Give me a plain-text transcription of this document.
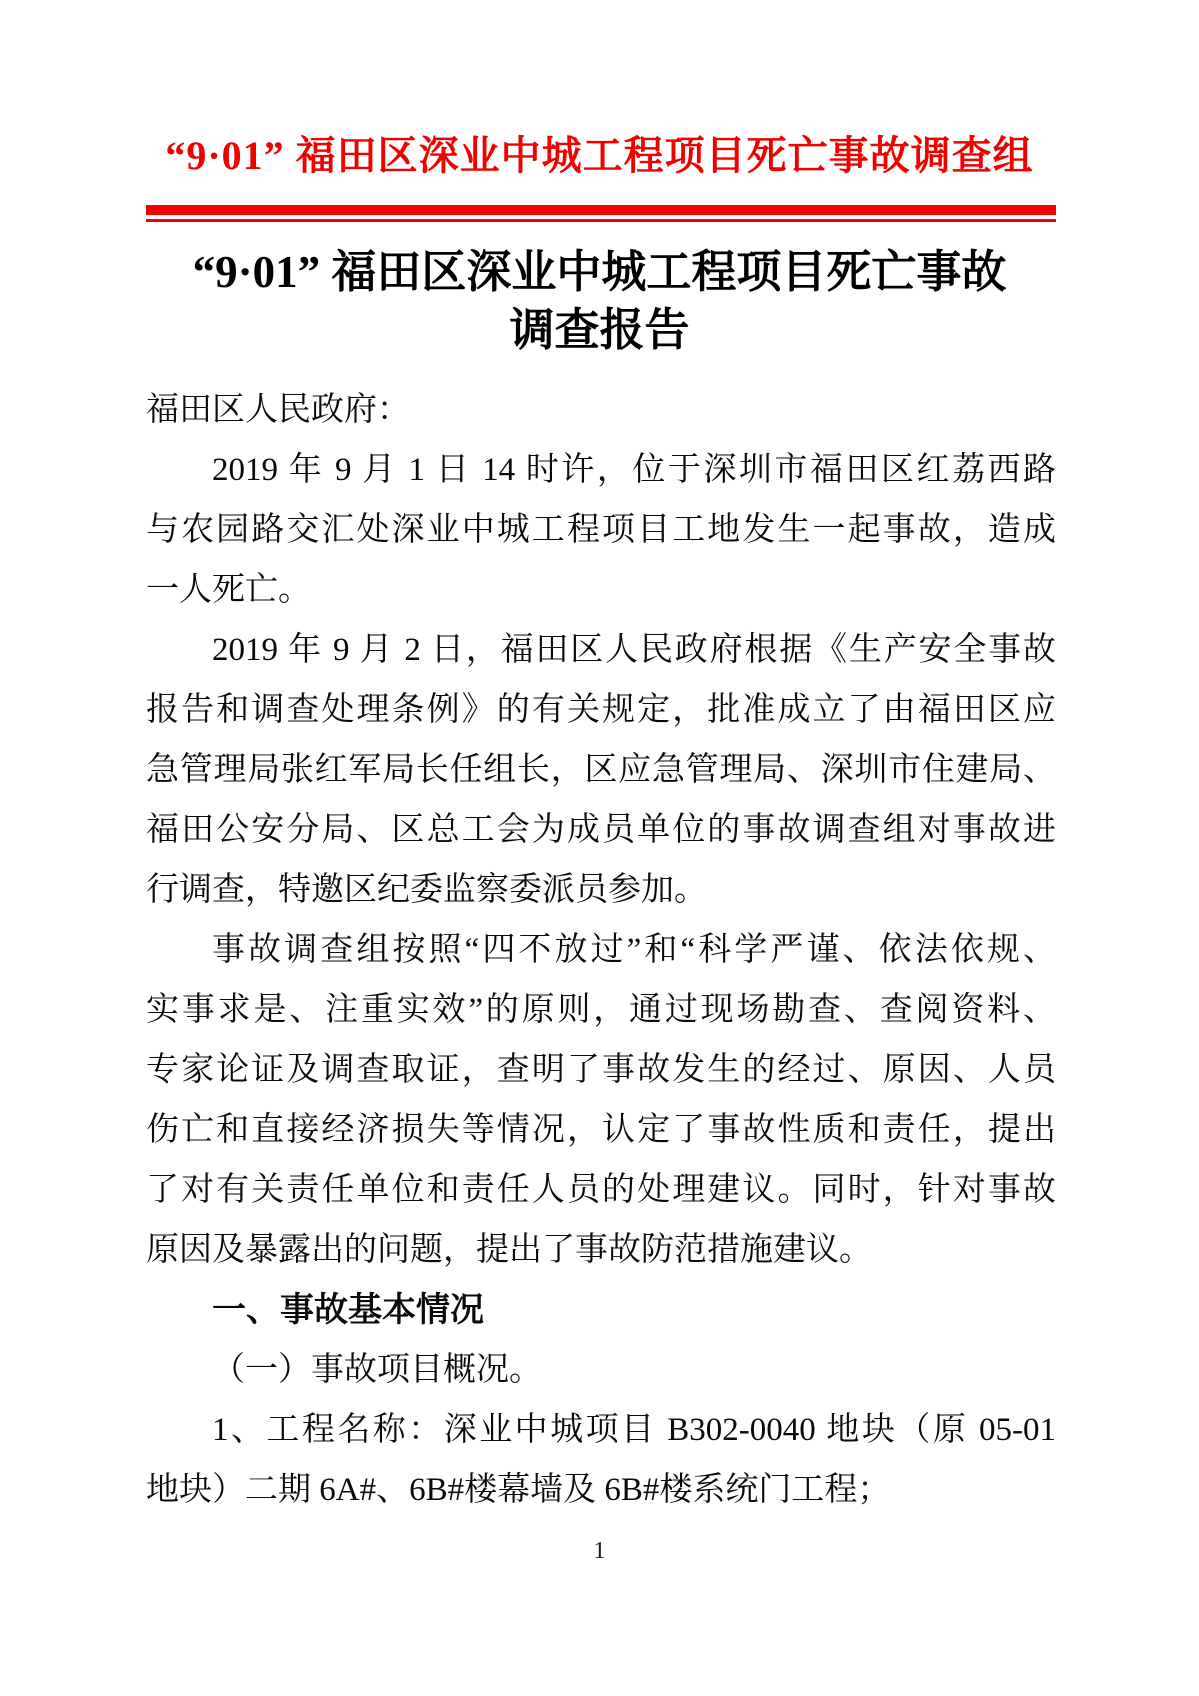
“9·01” 福田区深业中城工程项目死亡事故调查组
“9·01” 福田区深业中城工程项目死亡事故
调查报告
福田区人民政府：
2019 年 9 月 1 日 14 时许，位于深圳市福田区红荔西路
与农园路交汇处深业中城工程项目工地发生一起事故，造成
一人死亡。
2019 年 9 月 2 日，福田区人民政府根据《生产安全事故
报告和调查处理条例》的有关规定，批准成立了由福田区应
急管理局张红军局长任组长，区应急管理局、深圳市住建局、
福田公安分局、区总工会为成员单位的事故调查组对事故进
行调查，特邀区纪委监察委派员参加。
事故调查组按照“四不放过”和“科学严谨、依法依规、
实事求是、注重实效”的原则，通过现场勘查、查阅资料、
专家论证及调查取证，查明了事故发生的经过、原因、人员
伤亡和直接经济损失等情况，认定了事故性质和责任，提出
了对有关责任单位和责任人员的处理建议。同时，针对事故
原因及暴露出的问题，提出了事故防范措施建议。
一、事故基本情况
（一）事故项目概况。
1、工程名称：深业中城项目 B302-0040 地块（原 05-01
地块）二期 6A#、6B#楼幕墙及 6B#楼系统门工程；
1
